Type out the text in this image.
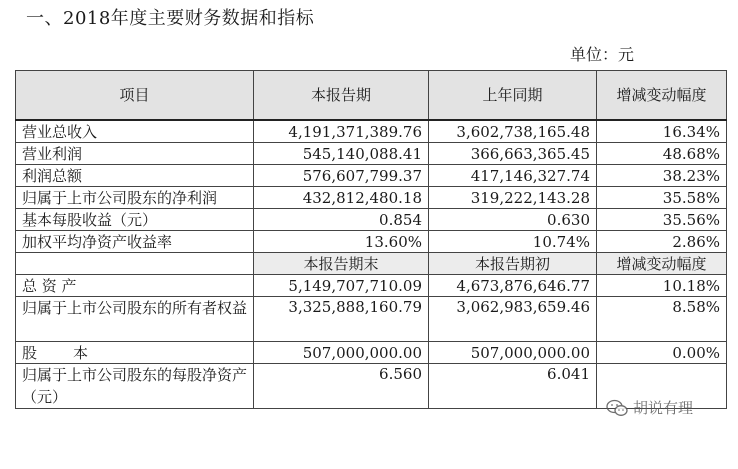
一、2018年度主要财务数据和指标
单位：元
项目	本报告期	上年同期	增减变动幅度
营业总收入	4,191,371,389.76	3,602,738,165.48	16.34%
营业利润	545,140,088.41	366,663,365.45	48.68%
利润总额	576,607,799.37	417,146,327.74	38.23%
归属于上市公司股东的净利润	432,812,480.18	319,222,143.28	35.58%
基本每股收益（元）	0.854	0.630	35.56%
加权平均净资产收益率	13.60%	10.74%	2.86%
	本报告期末	本报告期初	增减变动幅度
总 资 产	5,149,707,710.09	4,673,876,646.77	10.18%
归属于上市公司股东的所有者权益	3,325,888,160.79	3,062,983,659.46	8.58%
股　　本	507,000,000.00	507,000,000.00	0.00%
归属于上市公司股东的每股净资产（元）	6.560	6.041	
胡说有理
